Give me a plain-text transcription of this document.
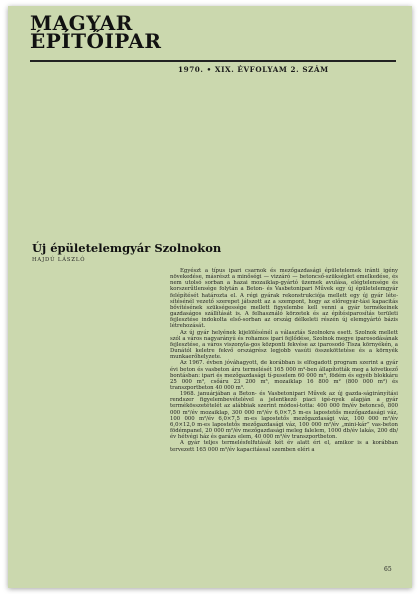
MAGYAR
ÉPÍTŐIPAR
1970. • XIX. ÉVFOLYAM 2. SZÁM
Új épületelemgyár Szolnokon
HAJDÚ LÁSZLÓ

Egyészt a típus ipari csarnok és mezőgazdasági épületelemek iránti igény növekedése, másrészt a minőségi — vizzáró — betoncső-szükséglet emelkedése, és nem utolsó sorban a hazai mozaiklap-gyártó üzemek avulása, elégtelensége és korszerűtlensége folytán a Beton- és Vasbetonipari Művek egy új épületelemgyár felépítését határozta el. A régi gyárak rekonstrukciója mellett egy új gyár léte-sítésénél vezető szerepet játszott az a szempont, hogy az előregyár-tási kapacitás bővítésének szükségessége mellett figyelembe kell venni a gyár termékeinek gazdaságos szállítását is. A felhasználó körzetek és az építésiparosítás területi fejlesztése indokolta első-sorban az ország délkeleti részén új elemgyártó bázis létrehozását.

Az új gyár helyének kijelölésénél a választás Szolnokra esett. Szolnok mellett szól a város nagyarányú és rohamos ipari fejlődése, Szolnok megye iparosodásának fejlesztése, a város viszonyla-gos központi fekvése az iparosodó Tisza környékén, a Dunától keletre fekvő országrész legjobb vasúti összeköttetése és a környék munkaerőhelyzete.

Az 1967. évben jóváhagyott, de korábban is elfogadott program szerint a gyár évi beton és vasbeton áru termelését 165 000 m³-ben állapították meg a következő bontásban: ipari és mezőgazdasági tí-puselem 60 000 m³, födém és egyéb blokkáru 25 000 m³, csőáru 23 200 m³, mozaiklap 16 800 m² (800 000 m²) és transzportbeton 40 000 m³.

1968. januárjában a Beton- és Vasbetonipari Művek az új gazda-ságirányítási rendszer figyelembevételével a jelentkező piaci igé-nyek alapján a gyár termékösszetételét az alábbiak szerint módosí-totta: 400 000 fm/év betoncső, 800 000 m²/év mozaiklap, 300 000 m²/év 6,0×7,5 m-es lapostetős mezőgazdasági váz, 100 000 m²/év 6,0×7,5 m-es lapostetős mezőgazdasági váz, 100 000 m²/év 6,0×12,0 m-es lapostetős mezőgazdasági váz, 100 000 m²/év „mini-kár” vas-beton födémpanel, 20 000 m²/év mezőgazdasági meleg falelem, 1000 db/év lakás, 200 db/év hétvégi ház és garázs elem, 40 000 m³/év transzportbeton.

A gyár teljes termelésfelfutását két év alatt éri el, amikor is a korábban tervezett 165 000 m³/év kapacitással szemben eléri a

65
